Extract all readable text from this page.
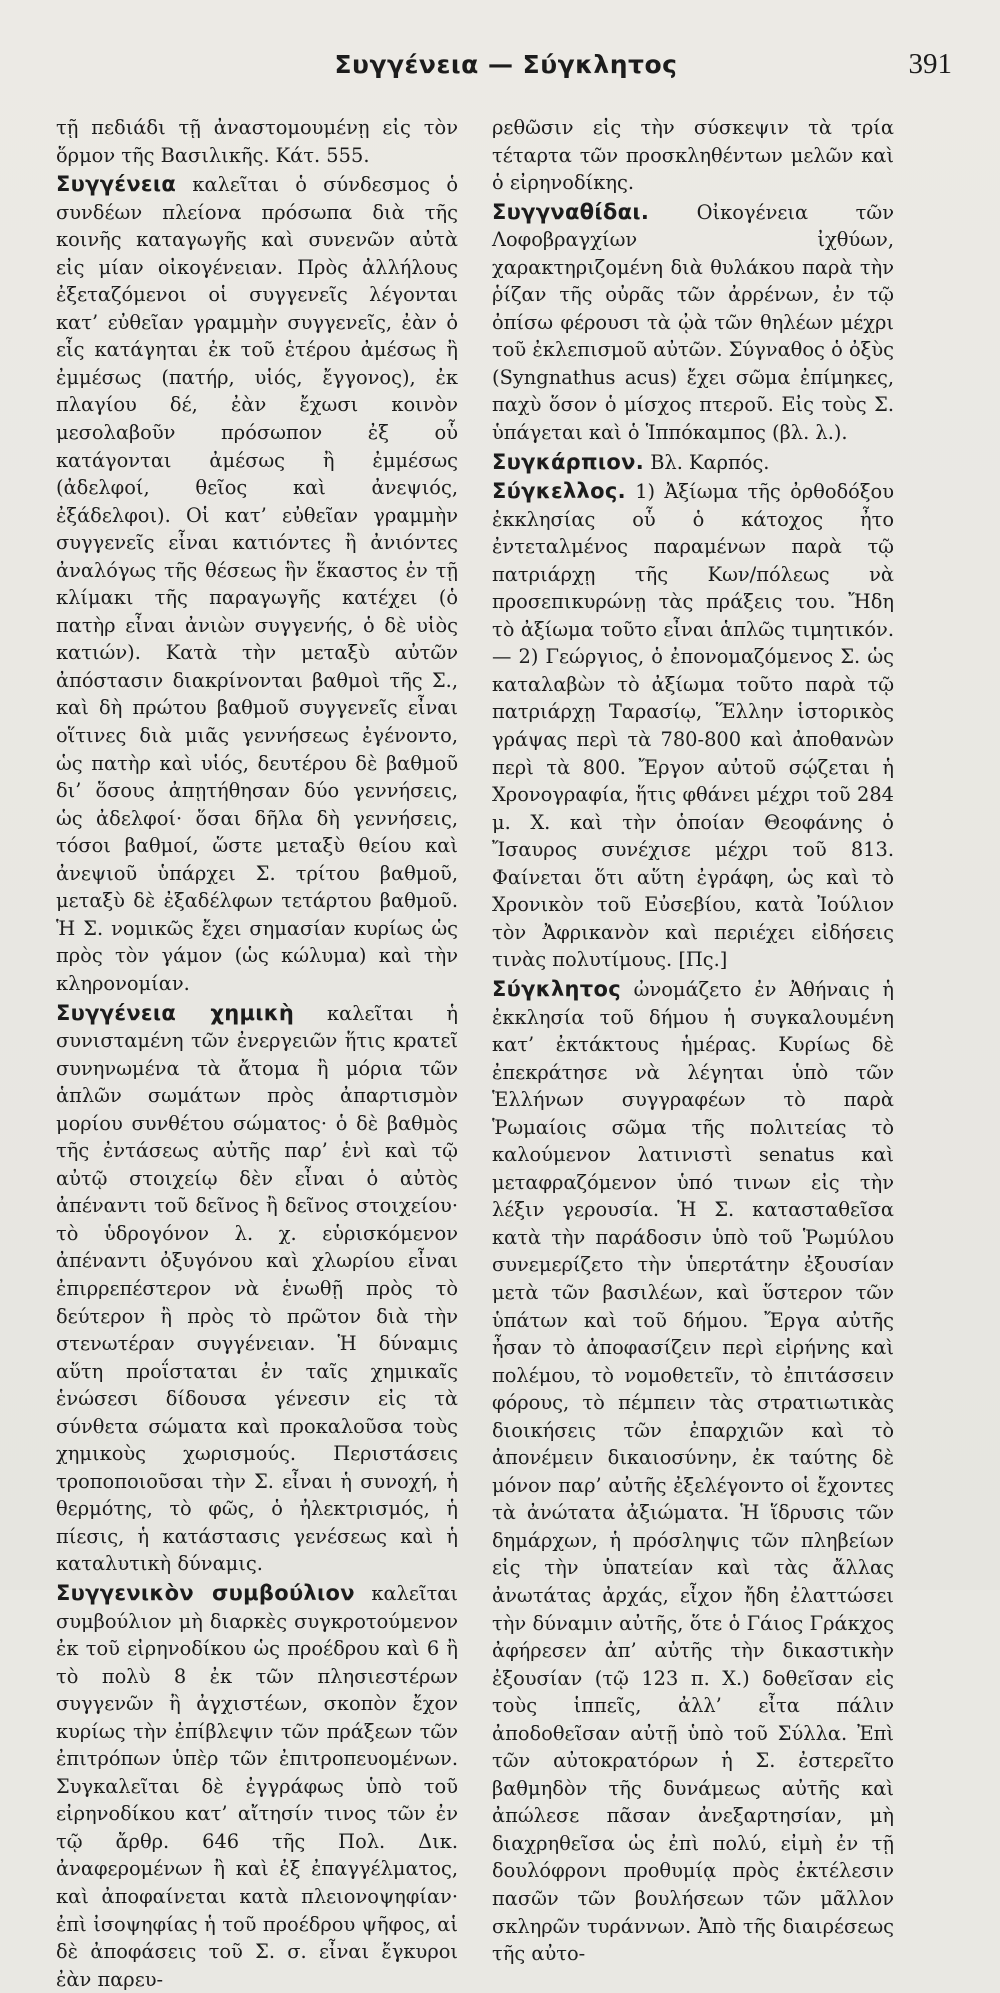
Συγγένεια — Σύγκλητος	391

τῇ πεδιάδι τῇ ἀναστομουμένῃ εἰς τὸν ὅρμον τῆς Βασιλικῆς. Κάτ. 555.

Συγγένεια καλεῖται ὁ σύνδεσμος ὁ συνδέων πλείονα πρόσωπα διὰ τῆς κοινῆς καταγωγῆς καὶ συνενῶν αὐτὰ εἰς μίαν οἰκογένειαν. Πρὸς ἀλλήλους ἐξεταζόμενοι οἱ συγγενεῖς λέγονται κατ’ εὐθεῖαν γραμμὴν συγγενεῖς, ἐὰν ὁ εἷς κατάγηται ἐκ τοῦ ἑτέρου ἀμέσως ἢ ἐμμέσως (πατήρ, υἱός, ἔγγονος), ἐκ πλαγίου δέ, ἐὰν ἔχωσι κοινὸν μεσολαβοῦν πρόσωπον ἐξ οὗ κατάγονται ἀμέσως ἢ ἐμμέσως (ἀδελφοί, θεῖος καὶ ἀνεψιός, ἐξάδελφοι). Οἱ κατ’ εὐθεῖαν γραμμὴν συγγενεῖς εἶναι κατιόντες ἢ ἀνιόντες ἀναλόγως τῆς θέσεως ἣν ἕκαστος ἐν τῇ κλίμακι τῆς παραγωγῆς κατέχει (ὁ πατὴρ εἶναι ἀνιὼν συγγενής, ὁ δὲ υἱὸς κατιών). Κατὰ τὴν μεταξὺ αὐτῶν ἀπόστασιν διακρίνονται βαθμοὶ τῆς Σ., καὶ δὴ πρώτου βαθμοῦ συγγενεῖς εἶναι οἵτινες διὰ μιᾶς γεννήσεως ἐγένοντο, ὡς πατὴρ καὶ υἱός, δευτέρου δὲ βαθμοῦ δι’ ὅσους ἀπῃτήθησαν δύο γεννήσεις, ὡς ἀδελφοί· ὅσαι δῆλα δὴ γεννήσεις, τόσοι βαθμοί, ὥστε μεταξὺ θείου καὶ ἀνεψιοῦ ὑπάρχει Σ. τρίτου βαθμοῦ, μεταξὺ δὲ ἐξαδέλφων τετάρτου βαθμοῦ. Ἡ Σ. νομικῶς ἔχει σημασίαν κυρίως ὡς πρὸς τὸν γάμον (ὡς κώλυμα) καὶ τὴν κληρονομίαν.

Συγγένεια χημικὴ καλεῖται ἡ συνισταμένη τῶν ἐνεργειῶν ἥτις κρατεῖ συνηνωμένα τὰ ἄτομα ἢ μόρια τῶν ἁπλῶν σωμάτων πρὸς ἀπαρτισμὸν μορίου συνθέτου σώματος· ὁ δὲ βαθμὸς τῆς ἐντάσεως αὐτῆς παρ’ ἑνὶ καὶ τῷ αὐτῷ στοιχείῳ δὲν εἶναι ὁ αὐτὸς ἀπέναντι τοῦ δεῖνος ἢ δεῖνος στοιχείου· τὸ ὑδρογόνον λ. χ. εὑρισκόμενον ἀπέναντι ὀξυγόνου καὶ χλωρίου εἶναι ἐπιρρεπέστερον νὰ ἑνωθῇ πρὸς τὸ δεύτερον ἢ πρὸς τὸ πρῶτον διὰ τὴν στενωτέραν συγγένειαν. Ἡ δύναμις αὕτη προΐσταται ἐν ταῖς χημικαῖς ἑνώσεσι δίδουσα γένεσιν εἰς τὰ σύνθετα σώματα καὶ προκαλοῦσα τοὺς χημικοὺς χωρισμούς. Περιστάσεις τροποποιοῦσαι τὴν Σ. εἶναι ἡ συνοχή, ἡ θερμότης, τὸ φῶς, ὁ ἠλεκτρισμός, ἡ πίεσις, ἡ κατάστασις γενέσεως καὶ ἡ καταλυτικὴ δύναμις.

Συγγενικὸν συμβούλιον καλεῖται συμβούλιον μὴ διαρκὲς συγκροτούμενον ἐκ τοῦ εἰρηνοδίκου ὡς προέδρου καὶ 6 ἢ τὸ πολὺ 8 ἐκ τῶν πλησιεστέρων συγγενῶν ἢ ἀγχιστέων, σκοπὸν ἔχον κυρίως τὴν ἐπίβλεψιν τῶν πράξεων τῶν ἐπιτρόπων ὑπὲρ τῶν ἐπιτροπευομένων. Συγκαλεῖται δὲ ἐγγράφως ὑπὸ τοῦ εἰρηνοδίκου κατ’ αἴτησίν τινος τῶν ἐν τῷ ἄρθρ. 646 τῆς Πολ. Δικ. ἀναφερομένων ἢ καὶ ἐξ ἐπαγγέλματος, καὶ ἀποφαίνεται κατὰ πλειονοψηφίαν· ἐπὶ ἰσοψηφίας ἡ τοῦ προέδρου ψῆφος, αἱ δὲ ἀποφάσεις τοῦ Σ. σ. εἶναι ἔγκυροι ἐὰν παρευ-

ρεθῶσιν εἰς τὴν σύσκεψιν τὰ τρία τέταρτα τῶν προσκληθέντων μελῶν καὶ ὁ εἰρηνοδίκης.

Συγγναθίδαι. Οἰκογένεια τῶν Λοφοβραγχίων ἰχθύων, χαρακτηριζομένη διὰ θυλάκου παρὰ τὴν ῥίζαν τῆς οὐρᾶς τῶν ἀρρένων, ἐν τῷ ὀπίσω φέρουσι τὰ ᾠὰ τῶν θηλέων μέχρι τοῦ ἐκλεπισμοῦ αὐτῶν. Σύγναθος ὁ ὀξὺς (Syngnathus acus) ἔχει σῶμα ἐπίμηκες, παχὺ ὅσον ὁ μίσχος πτεροῦ. Εἰς τοὺς Σ. ὑπάγεται καὶ ὁ Ἱππόκαμπος (βλ. λ.).

Συγκάρπιον. Βλ. Καρπός.

Σύγκελλος. 1) Ἀξίωμα τῆς ὀρθοδόξου ἐκκλησίας οὗ ὁ κάτοχος ἦτο ἐντεταλμένος παραμένων παρὰ τῷ πατριάρχῃ τῆς Κων/πόλεως νὰ προσεπικυρώνῃ τὰς πράξεις του. Ἤδη τὸ ἀξίωμα τοῦτο εἶναι ἁπλῶς τιμητικόν. — 2) Γεώργιος, ὁ ἐπονομαζόμενος Σ. ὡς καταλαβὼν τὸ ἀξίωμα τοῦτο παρὰ τῷ πατριάρχῃ Ταρασίῳ, Ἕλλην ἱστορικὸς γράψας περὶ τὰ 780-800 καὶ ἀποθανὼν περὶ τὰ 800. Ἔργον αὐτοῦ σῴζεται ἡ Χρονογραφία, ἥτις φθάνει μέχρι τοῦ 284 μ. Χ. καὶ τὴν ὁποίαν Θεοφάνης ὁ Ἴσαυρος συνέχισε μέχρι τοῦ 813. Φαίνεται ὅτι αὕτη ἐγράφη, ὡς καὶ τὸ Χρονικὸν τοῦ Εὐσεβίου, κατὰ Ἰούλιον τὸν Ἀφρικανὸν καὶ περιέχει εἰδήσεις τινὰς πολυτίμους. [Πς.]

Σύγκλητος ὠνομάζετο ἐν Ἀθήναις ἡ ἐκκλησία τοῦ δήμου ἡ συγκαλουμένη κατ’ ἐκτάκτους ἡμέρας. Κυρίως δὲ ἐπεκράτησε νὰ λέγηται ὑπὸ τῶν Ἑλλήνων συγγραφέων τὸ παρὰ Ῥωμαίοις σῶμα τῆς πολιτείας τὸ καλούμενον λατινιστὶ senatus καὶ μεταφραζόμενον ὑπό τινων εἰς τὴν λέξιν γερουσία. Ἡ Σ. κατασταθεῖσα κατὰ τὴν παράδοσιν ὑπὸ τοῦ Ῥωμύλου συνεμερίζετο τὴν ὑπερτάτην ἐξουσίαν μετὰ τῶν βασιλέων, καὶ ὕστερον τῶν ὑπάτων καὶ τοῦ δήμου. Ἔργα αὐτῆς ἦσαν τὸ ἀποφασίζειν περὶ εἰρήνης καὶ πολέμου, τὸ νομοθετεῖν, τὸ ἐπιτάσσειν φόρους, τὸ πέμπειν τὰς στρατιωτικὰς διοικήσεις τῶν ἐπαρχιῶν καὶ τὸ ἀπονέμειν δικαιοσύνην, ἐκ ταύτης δὲ μόνον παρ’ αὐτῆς ἐξελέγοντο οἱ ἔχοντες τὰ ἀνώτατα ἀξιώματα. Ἡ ἵδρυσις τῶν δημάρχων, ἡ πρόσληψις τῶν πληβείων εἰς τὴν ὑπατείαν καὶ τὰς ἄλλας ἀνωτάτας ἀρχάς, εἶχον ἤδη ἐλαττώσει τὴν δύναμιν αὐτῆς, ὅτε ὁ Γάιος Γράκχος ἀφήρεσεν ἀπ’ αὐτῆς τὴν δικαστικὴν ἐξουσίαν (τῷ 123 π. Χ.) δοθεῖσαν εἰς τοὺς ἱππεῖς, ἀλλ’ εἶτα πάλιν ἀποδοθεῖσαν αὐτῇ ὑπὸ τοῦ Σύλλα. Ἐπὶ τῶν αὐτοκρατόρων ἡ Σ. ἐστερεῖτο βαθμηδὸν τῆς δυνάμεως αὐτῆς καὶ ἀπώλεσε πᾶσαν ἀνεξαρτησίαν, μὴ διαχρηθεῖσα ὡς ἐπὶ πολύ, εἰμὴ ἐν τῇ δουλόφρονι προθυμίᾳ πρὸς ἐκτέλεσιν πασῶν τῶν βουλήσεων τῶν μᾶλλον σκληρῶν τυράννων. Ἀπὸ τῆς διαιρέσεως τῆς αὐτο-
